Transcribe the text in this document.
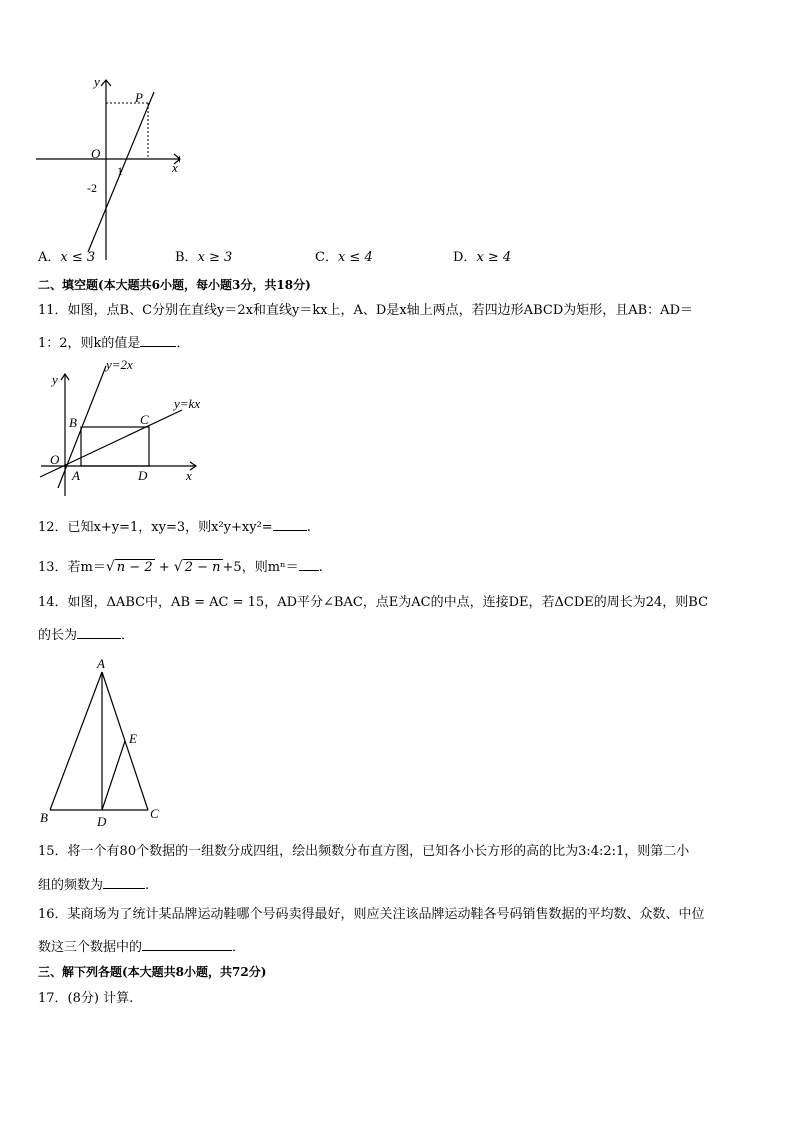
y
x
P
O
1
-2
A．x ≤ 3	B．x ≥ 3	C．x ≤ 4	D．x ≥ 4
二、填空题(本大题共6小题，每小题3分，共18分)
11．如图，点B、C分别在直线y＝2x和直线y＝kx上，A、D是x轴上两点，若四边形ABCD为矩形，且AB：AD＝
1：2，则k的值是	．
y=2x
y=kx
y
x
B	C
O
A	D
12．已知x+y=1，xy=3，则x²y+xy²=	.
13．若m＝√ n − 2 + √ 2 − n +5，则mⁿ＝ .
14．如图，ΔABC中，AB = AC = 15，AD平分∠BAC，点E为AC的中点，连接DE，若ΔCDE的周长为24，则BC
的长为	．
A
E
B	D
C
15．将一个有80个数据的一组数分成四组，绘出频数分布直方图，已知各小长方形的高的比为3:4:2:1，则第二小
组的频数为	.
16．某商场为了统计某品牌运动鞋哪个号码卖得最好，则应关注该品牌运动鞋各号码销售数据的平均数、众数、中位
数这三个数据中的	．
三、解下列各题(本大题共8小题，共72分)
17．(8分) 计算.
